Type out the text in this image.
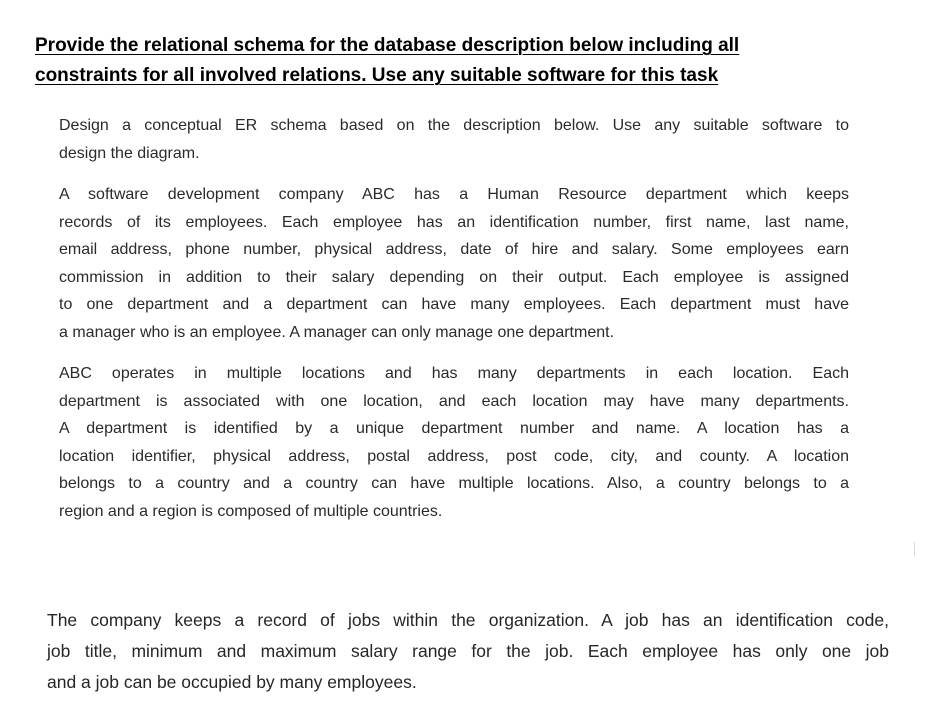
Provide the relational schema for the database description below including all
constraints for all involved relations. Use any suitable software for this task
Design a conceptual ER schema based on the description below. Use any suitable software to
design the diagram.
A software development company ABC has a Human Resource department which keeps
records of its employees. Each employee has an identification number, first name, last name,
email address, phone number, physical address, date of hire and salary. Some employees earn
commission in addition to their salary depending on their output. Each employee is assigned
to one department and a department can have many employees. Each department must have
a manager who is an employee. A manager can only manage one department.
ABC operates in multiple locations and has many departments in each location. Each
department is associated with one location, and each location may have many departments.
A department is identified by a unique department number and name. A location has a
location identifier, physical address, postal address, post code, city, and county. A location
belongs to a country and a country can have multiple locations. Also, a country belongs to a
region and a region is composed of multiple countries.
The company keeps a record of jobs within the organization. A job has an identification code,
job title, minimum and maximum salary range for the job. Each employee has only one job
and a job can be occupied by many employees.
